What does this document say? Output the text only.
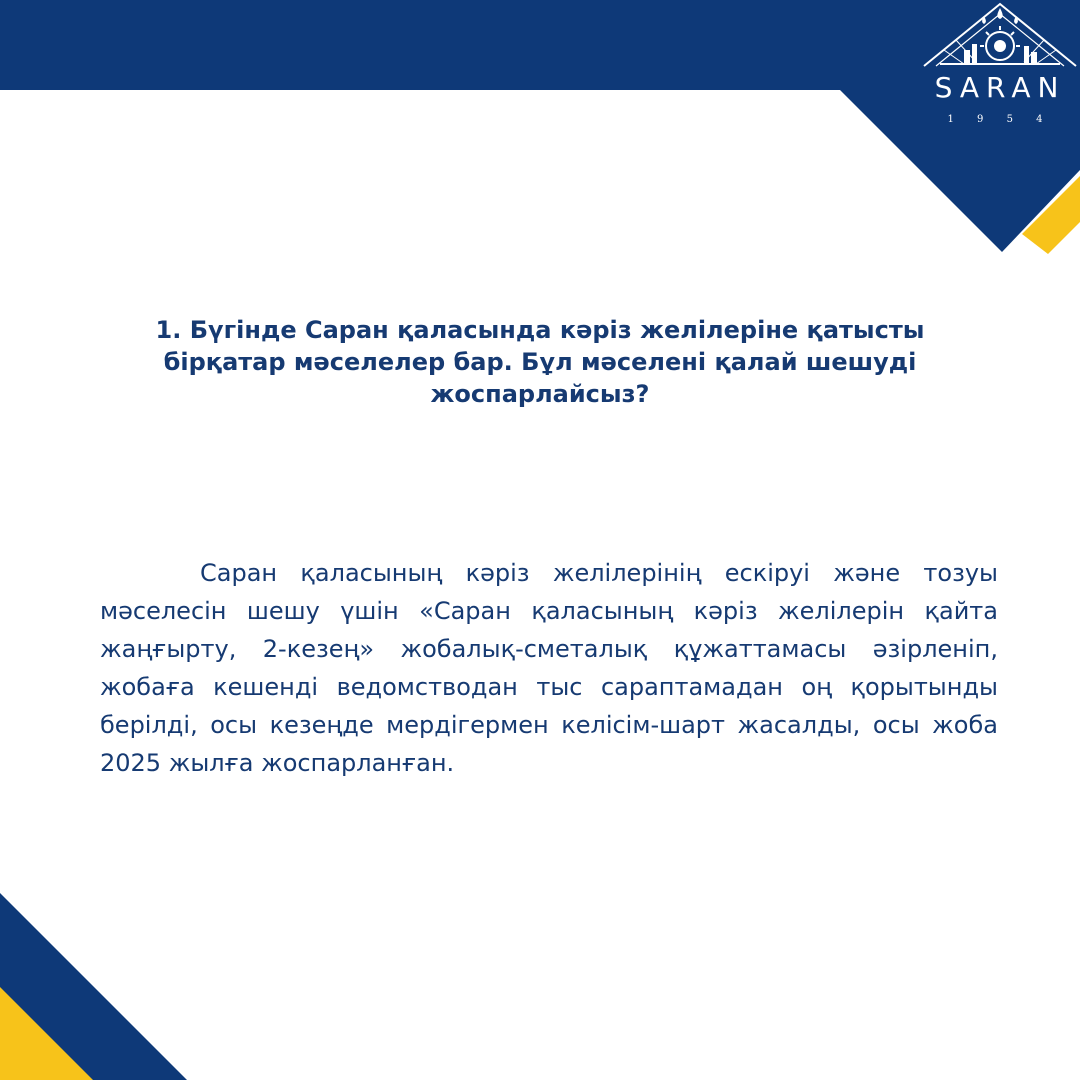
SARAN
1 9 5 4
1. Бүгінде Саран қаласында кәріз желілеріне қатысты бірқатар мәселелер бар. Бұл мәселені қалай шешуді жоспарлайсыз?

Саран қаласының кәріз желілерінің ескіруі және тозуы мәселесін шешу үшін «Саран қаласының кәріз желілерін қайта жаңғырту, 2-кезең» жобалық-сметалық құжаттамасы әзірленіп, жобаға кешенді ведомстводан тыс сараптамадан оң қорытынды берілді, осы кезеңде мердігермен келісім-шарт жасалды, осы жоба 2025 жылға жоспарланған.
